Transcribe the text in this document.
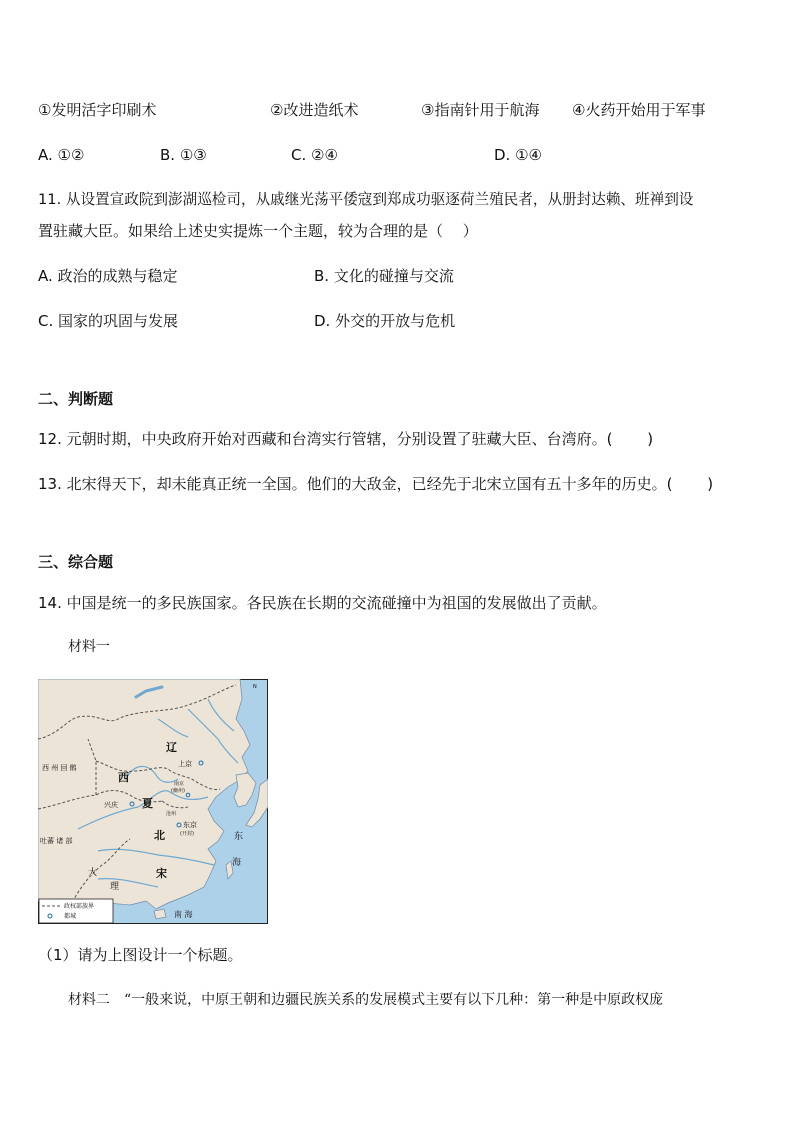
①发明活字印刷术	②改进造纸术	③指南针用于航海 ④火药开始用于军事
A. ①②	B. ①③	C. ②④	D. ①④
11. 从设置宣政院到澎湖巡检司，从戚继光荡平倭寇到郑成功驱逐荷兰殖民者，从册封达赖、班禅到设
置驻藏大臣。如果给上述史实提炼一个主题，较为合理的是（　 ）
A. 政治的成熟与稳定	B. 文化的碰撞与交流
C. 国家的巩固与发展	D. 外交的开放与危机
二、判断题
12. 元朝时期，中央政府开始对西藏和台湾实行管辖，分别设置了驻藏大臣、台湾府。(　 　)
13. 北宋得天下，却未能真正统一全国。他们的大敌金，已经先于北宋立国有五十多年的历史。(　 　)
三、综合题
14. 中国是统一的多民族国家。各民族在长期的交流碰撞中为祖国的发展做出了贡献。
材料一
N
辽
上京
南京
(幽州)
西 州 回 鹘
西
兴庆 夏
沧州
吐蕃 诸 部	北
东京
(开封)	东
海
大
理
宋
南 海
政权部族界
都城
（1）请为上图设计一个标题。
材料二　“一般来说，中原王朝和边疆民族关系的发展模式主要有以下几种：第一种是中原政权庞
